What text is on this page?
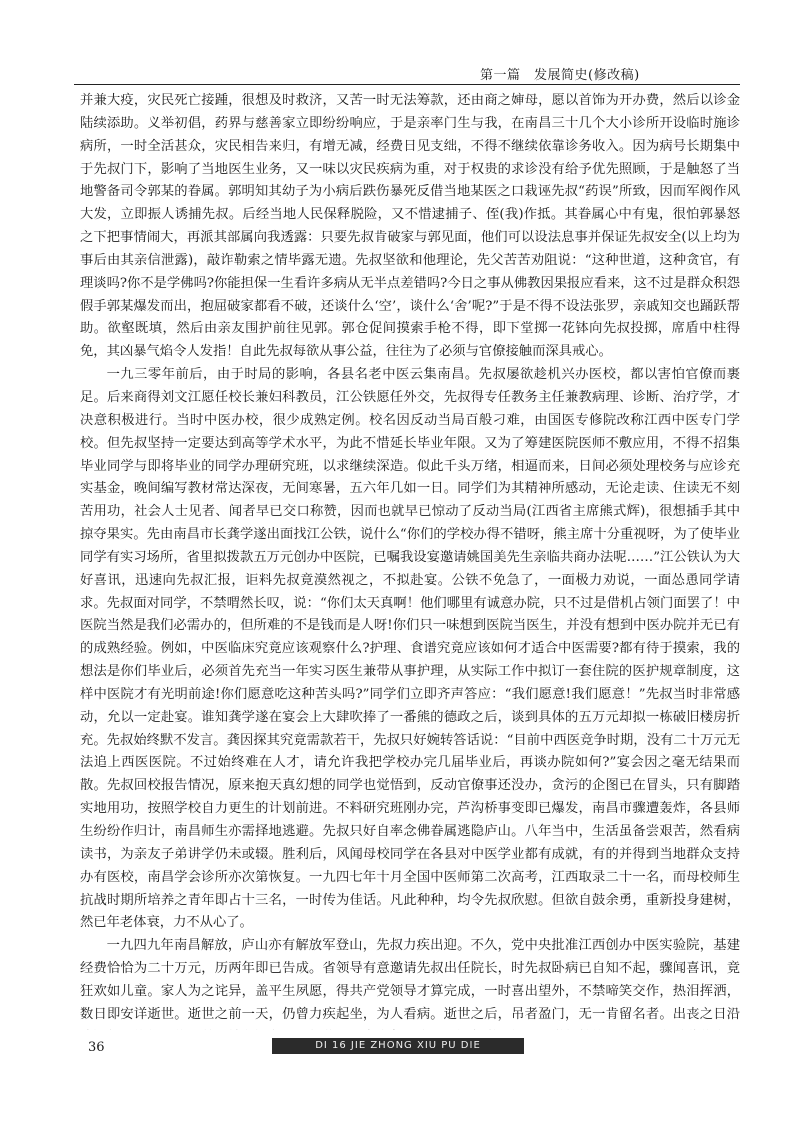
第一篇　发展简史(修改稿)

并兼大疫，灾民死亡接踵，很想及时救济，又苦一时无法筹款，还由商之婶母，愿以首饰为开办费，然后以诊金陆续添助。义举初倡，药界与慈善家立即纷纷响应，于是亲率门生与我，在南昌三十几个大小诊所开设临时施诊病所，一时全活甚众，灾民相告来归，有增无减，经费日见支绌，不得不继续依靠诊务收入。因为病号长期集中于先叔门下，影响了当地医生业务，又一味以灾民疾病为重，对于权贵的求诊没有给予优先照顾，于是触怒了当地警备司令郭某的眷属。郭明知其幼子为小病后跌伤暴死反借当地某医之口栽诬先叔“药误”所致，因而军阀作风大发，立即振人诱捕先叔。后经当地人民保释脱险，又不惜逮捕子、侄(我)作抵。其眷属心中有鬼，很怕郭暴怒之下把事情闹大，再派其部属向我透露：只要先叔肯破家与郭见面，他们可以设法息事并保证先叔安全(以上均为事后由其亲信泄露)，敲诈勒索之情毕露无遗。先叔坚欲和他理论，先父苦苦劝阻说：“这种世道，这种贪官，有理谈吗?你不是学佛吗?你能担保一生看许多病从无半点差错吗?今日之事从佛教因果报应看来，这不过是群众积怨假手郭某爆发而出，抱屈破家都看不破，还谈什么‘空’，谈什么‘舍’呢?”于是不得不设法张罗，亲戚知交也踊跃帮助。欲壑既填，然后由亲友围护前往见郭。郭仓促间摸索手枪不得，即下堂掷一花钵向先叔投掷，席盾中柱得免，其凶暴气焰令人发指！自此先叔每欲从事公益，往往为了必须与官僚接触而深具戒心。

一九三零年前后，由于时局的影响，各县名老中医云集南昌。先叔屡欲趁机兴办医校，都以害怕官僚而裹足。后来商得刘文江愿任校长兼妇科教员，江公铁愿任外交，先叔得专任教务主任兼教病理、诊断、治疗学，才决意积极进行。当时中医办校，很少成熟定例。校名因反动当局百般刁难，由国医专修院改称江西中医专门学校。但先叔坚持一定要达到高等学术水平，为此不惜延长毕业年限。又为了筹建医院医师不敷应用，不得不招集毕业同学与即将毕业的同学办理研究班，以求继续深造。似此千头万绪，相逼而来，日间必须处理校务与应诊充实基金，晚间编写教材常达深夜，无间寒暑，五六年几如一日。同学们为其精神所感动，无论走读、住读无不刻苦用功，社会人士见者、闻者早已交口称赞，因而也就早已惊动了反动当局(江西省主席熊式辉)，很想插手其中掠夺果实。先由南昌市长龚学遂出面找江公铁，说什么“你们的学校办得不错呀，熊主席十分重视呀，为了使毕业同学有实习场所，省里拟拨款五万元创办中医院，已嘱我设宴邀请姚国美先生亲临共商办法呢……”江公铁认为大好喜讯，迅速向先叔汇报，讵料先叔竟漠然视之，不拟赴宴。公铁不免急了，一面极力劝说，一面怂恿同学请求。先叔面对同学，不禁喟然长叹，说：“你们太天真啊！他们哪里有诚意办院，只不过是借机占领门面罢了！中医院当然是我们必需办的，但所难的不是钱而是人呀!你们只一味想到医院当医生，并没有想到中医办院并无已有的成熟经验。例如，中医临床究竟应该观察什么?护理、食谱究竟应该如何才适合中医需要?都有待于摸索，我的想法是你们毕业后，必须首先充当一年实习医生兼带从事护理，从实际工作中拟订一套住院的医护规章制度，这样中医院才有光明前途!你们愿意吃这种苦头吗?”同学们立即齐声答应：“我们愿意!我们愿意！”先叔当时非常感动，允以一定赴宴。谁知龚学遂在宴会上大肆吹捧了一番熊的德政之后，谈到具体的五万元却拟一栋破旧楼房折充。先叔始终默不发言。龚因探其究竟需款若干，先叔只好婉转答话说：“目前中西医竞争时期，没有二十万元无法追上西医医院。不过始终难在人才，请允许我把学校办完几届毕业后，再谈办院如何?”宴会因之毫无结果而散。先叔回校报告情况，原来抱天真幻想的同学也觉悟到，反动官僚事还没办，贪污的企图已在冒头，只有脚踏实地用功，按照学校自力更生的计划前进。不料研究班刚办完，芦沟桥事变即已爆发，南昌市骤遭轰炸，各县师生纷纷作归计，南昌师生亦需择地逃避。先叔只好自率念佛眷属逃隐庐山。八年当中，生活虽备尝艰苦，然看病读书，为亲友子弟讲学仍未或辍。胜利后，风闻母校同学在各县对中医学业都有成就，有的并得到当地群众支持办有医校，南昌学会诊所亦次第恢复。一九四七年十月全国中医师第二次高考，江西取录二十一名，而母校师生抗战时期所培养之青年即占十三名，一时传为佳话。凡此种种，均令先叔欣慰。但欲自鼓余勇，重新投身建树，然已年老体衰，力不从心了。

一九四九年南昌解放，庐山亦有解放军登山，先叔力疾出迎。不久，党中央批准江西创办中医实验院，基建经费恰恰为二十万元，历两年即已告成。省领导有意邀请先叔出任院长，时先叔卧病已自知不起，骤闻喜讯，竟狂欢如儿童。家人为之诧异，盖平生夙愿，得共产党领导才算完成，一时喜出望外，不禁啼笑交作，热泪挥洒，数日即安详逝世。逝世之前一天，仍曾力疾起坐，为人看病。逝世之后，吊者盈门，无一肯留名者。出丧之日沿

36	DI 16 JIE ZHONG XIU PU DIE
